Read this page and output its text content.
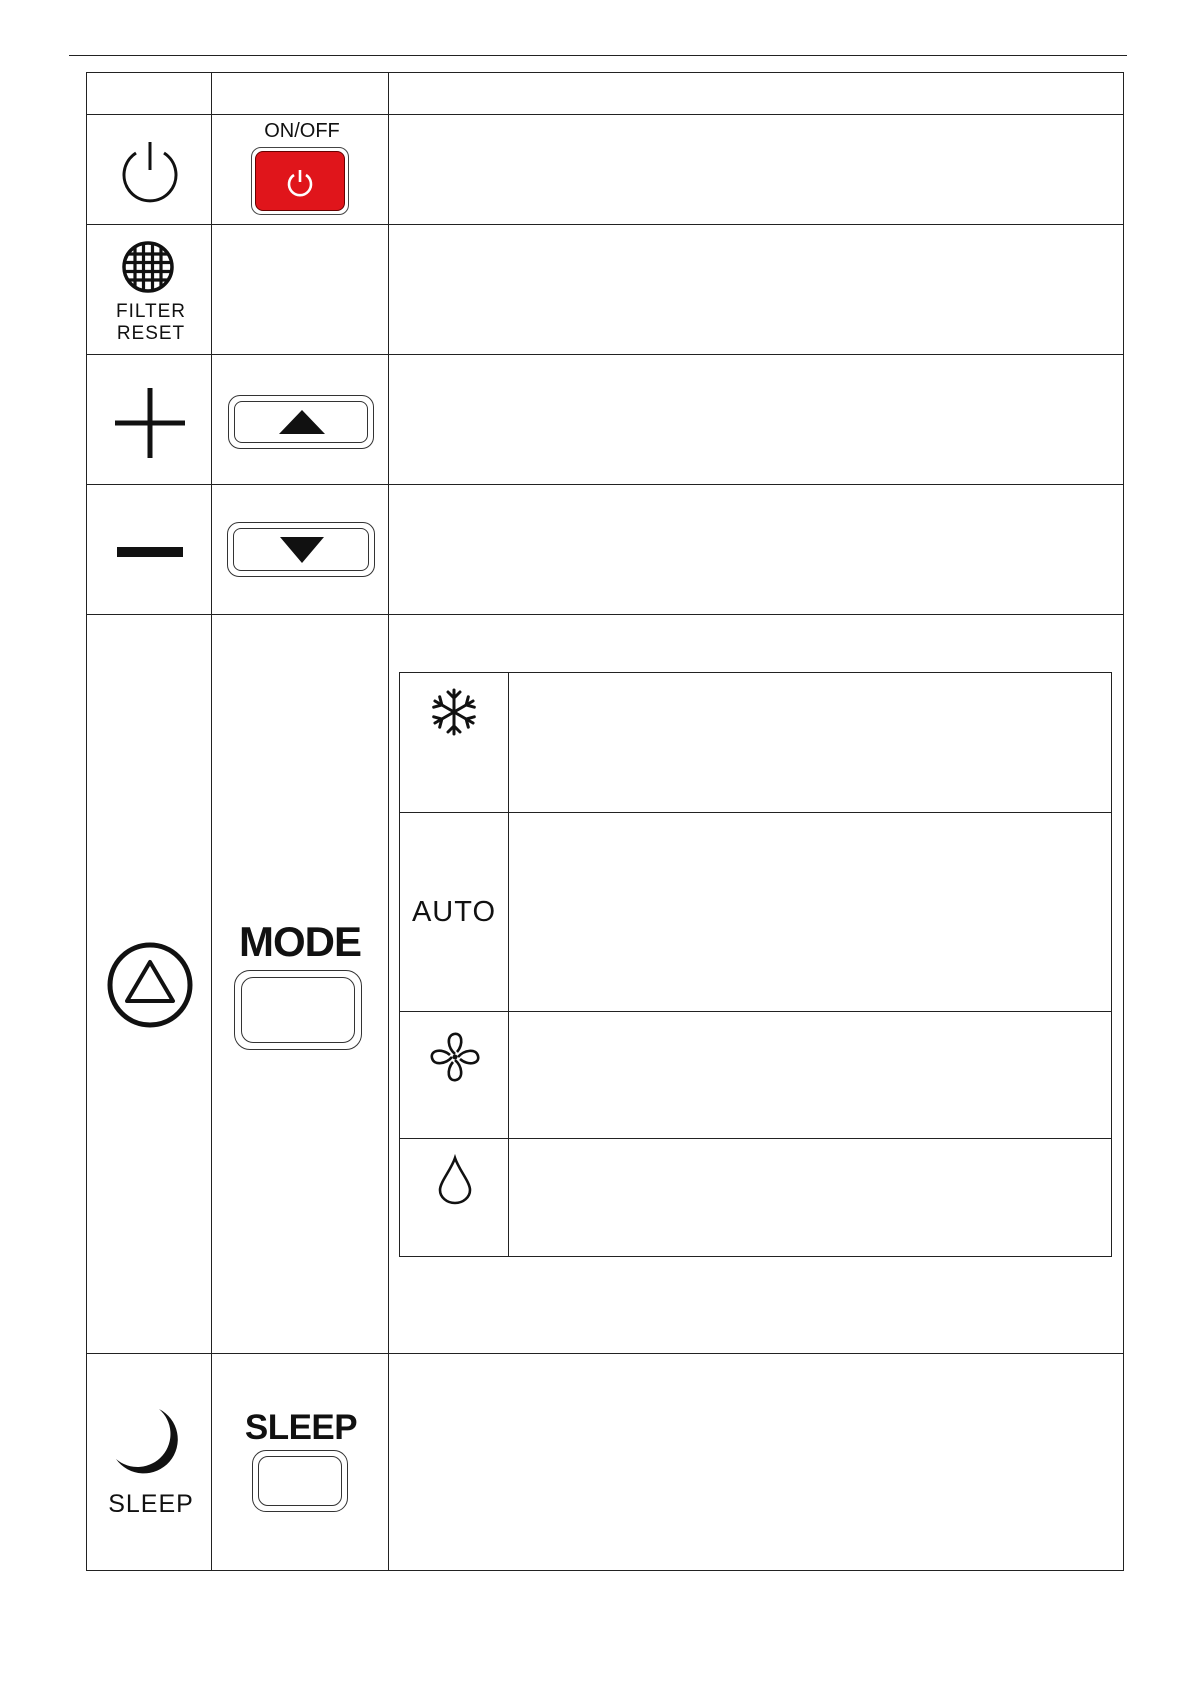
ON/OFF
FILTER
RESET
MODE
AUTO
SLEEP
SLEEP
